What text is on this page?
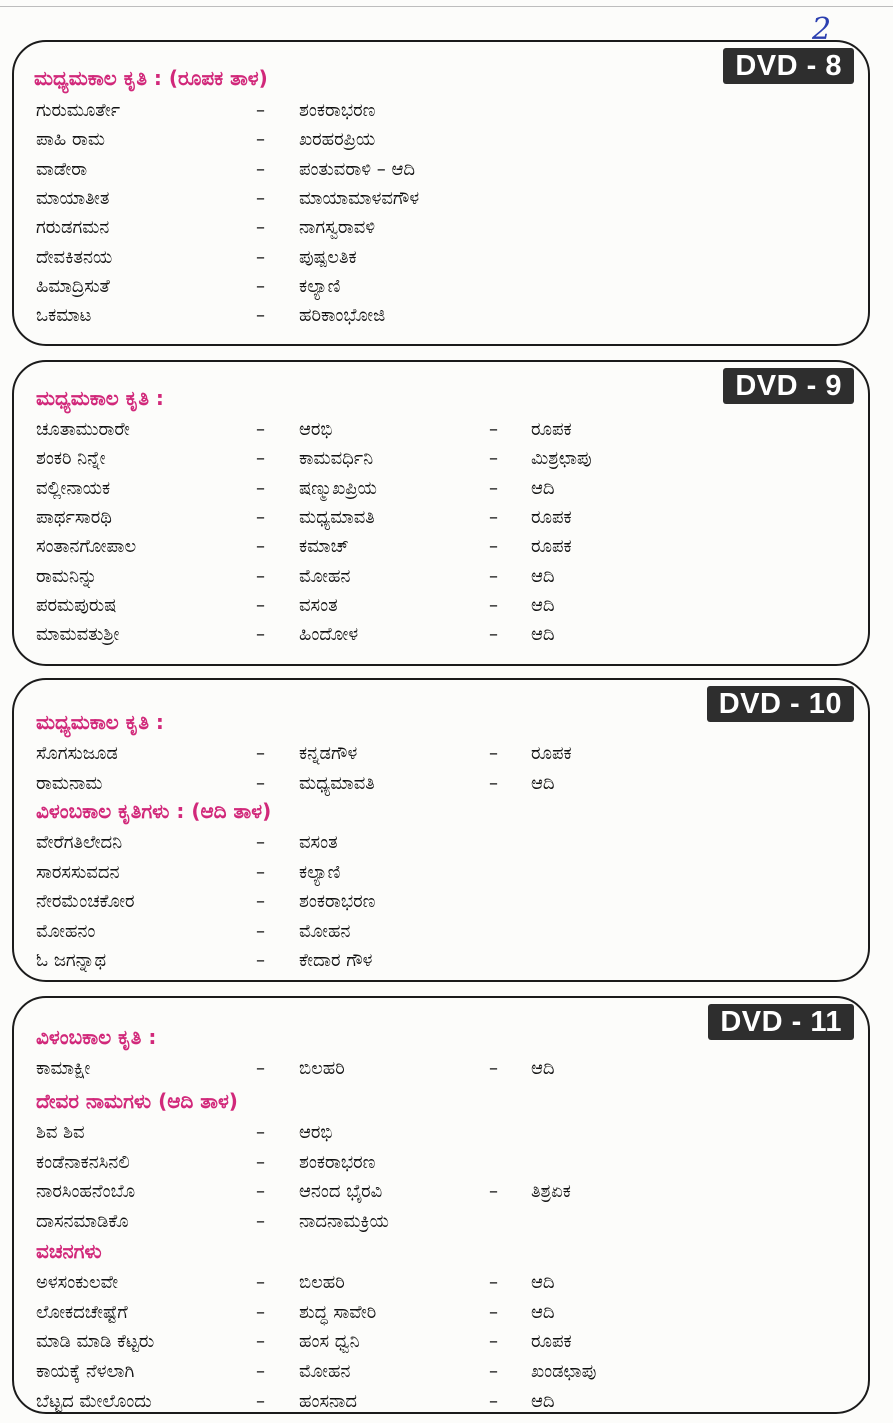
2
DVD - 8
ಮಧ್ಯಮಕಾಲ ಕೃತಿ : (ರೂಪಕ ತಾಳ)
ಗುರುಮೂರ್ತೇ	– ಶಂಕರಾಭರಣ
ಪಾಹಿ ರಾಮ	– ಖರಹರಪ್ರಿಯ
ವಾಡೇರಾ	– ಪಂತುವರಾಳಿ – ಆದಿ
ಮಾಯಾತೀತ	– ಮಾಯಾಮಾಳವಗೌಳ
ಗರುಡಗಮನ	– ನಾಗಸ್ವರಾವಳಿ
ದೇವಕಿತನಯ	– ಪುಷ್ಪಲತಿಕ
ಹಿಮಾದ್ರಿಸುತೆ	– ಕಲ್ಯಾಣಿ
ಒಕಮಾಟ	– ಹರಿಕಾಂಭೋಜಿ
DVD - 9
ಮಧ್ಯಮಕಾಲ ಕೃತಿ :
ಚೂತಾಮುರಾರೇ	– ಆರಭಿ	– ರೂಪಕ
ಶಂಕರಿ ನಿನ್ನೇ	– ಕಾಮವರ್ಧಿನಿ	– ಮಿಶ್ರಛಾಪು
ವಲ್ಲೀನಾಯಕ	– ಷಣ್ಮುಖಪ್ರಿಯ	– ಆದಿ
ಪಾರ್ಥಸಾರಥಿ	– ಮಧ್ಯಮಾವತಿ	– ರೂಪಕ
ಸಂತಾನಗೋಪಾಲ	– ಕಮಾಚ್	– ರೂಪಕ
ರಾಮನಿನ್ನು	– ಮೋಹನ	– ಆದಿ
ಪರಮಪುರುಷ	– ವಸಂತ	– ಆದಿ
ಮಾಮವತುಶ್ರೀ	– ಹಿಂದೋಳ	– ಆದಿ
DVD - 10
ಮಧ್ಯಮಕಾಲ ಕೃತಿ :
ಸೊಗಸುಜೂಡ	– ಕನ್ನಡಗೌಳ	– ರೂಪಕ
ರಾಮನಾಮ	– ಮಧ್ಯಮಾವತಿ	– ಆದಿ
ವಿಳಂಬಕಾಲ ಕೃತಿಗಳು : (ಆದಿ ತಾಳ)
ವೇರೆಗತಿಲೇದನಿ	– ವಸಂತ
ಸಾರಸಸುವದನ	– ಕಲ್ಯಾಣಿ
ನೇರಮೆಂಚಕೋರ	– ಶಂಕರಾಭರಣ
ಮೋಹನಂ	– ಮೋಹನ
ಓ ಜಗನ್ನಾಥ	– ಕೇದಾರ ಗೌಳ
DVD - 11
ವಿಳಂಬಕಾಲ ಕೃತಿ :
ಕಾಮಾಕ್ಷೀ	– ಬಿಲಹರಿ	– ಆದಿ
ದೇವರ ನಾಮಗಳು (ಆದಿ ತಾಳ)
ಶಿವ ಶಿವ	– ಆರಭಿ
ಕಂಡೆನಾಕನಸಿನಲಿ	– ಶಂಕರಾಭರಣ
ನಾರಸಿಂಹನೆಂಬೊ	– ಆನಂದ ಭೈರವಿ	– ತಿಶ್ರಏಕ
ದಾಸನಮಾಡಿಕೊ	– ನಾದನಾಮಕ್ರಿಯ
ವಚನಗಳು
ಅಳಸಂಕುಲವೇ	– ಬಿಲಹರಿ	– ಆದಿ
ಲೋಕದಚೇಷ್ಟೆಗೆ	– ಶುದ್ಧ ಸಾವೇರಿ	– ಆದಿ
ಮಾಡಿ ಮಾಡಿ ಕೆಟ್ಟರು	– ಹಂಸ ಧ್ವನಿ	– ರೂಪಕ
ಕಾಯಕ್ಕೆ ನೆಳಲಾಗಿ	– ಮೋಹನ	– ಖಂಡಛಾಪು
ಬೆಟ್ಟದ ಮೇಲೊಂದು	– ಹಂಸನಾದ	– ಆದಿ
